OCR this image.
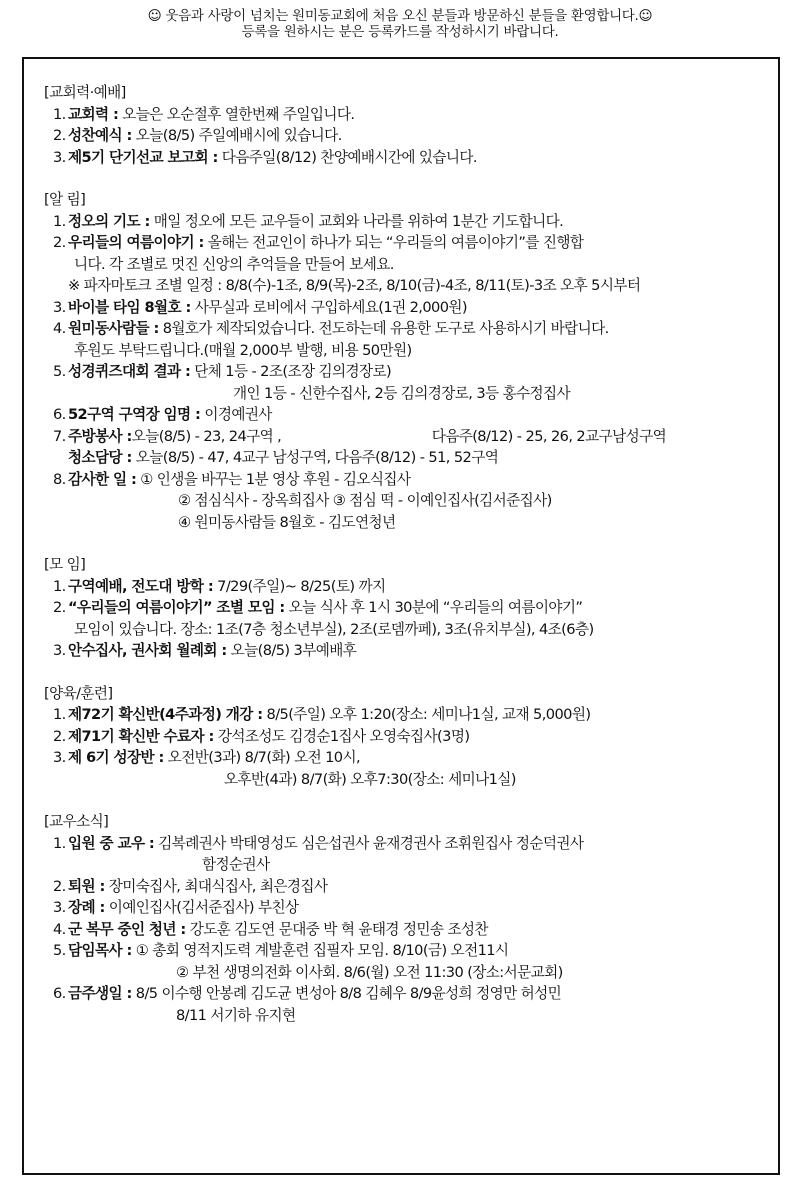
☺ 웃음과 사랑이 넘치는 원미동교회에 처음 오신 분들과 방문하신 분들을 환영합니다.☺
등록을 원하시는 분은 등록카드를 작성하시기 바랍니다.
[교회력·예배]
1. 교회력 : 오늘은 오순절후 열한번째 주일입니다.
2. 성찬예식 : 오늘(8/5) 주일예배시에 있습니다.
3. 제5기 단기선교 보고회 : 다음주일(8/12) 찬양예배시간에 있습니다.
[알 림]
1. 정오의 기도 : 매일 정오에 모든 교우들이 교회와 나라를 위하여 1분간 기도합니다.
2. 우리들의 여름이야기 : 올해는 전교인이 하나가 되는 “우리들의 여름이야기”를 진행합
니다. 각 조별로 멋진 신앙의 추억들을 만들어 보세요.
※ 파자마토크 조별 일정 : 8/8(수)-1조, 8/9(목)-2조, 8/10(금)-4조, 8/11(토)-3조 오후 5시부터
3. 바이블 타임 8월호 : 사무실과 로비에서 구입하세요(1권 2,000원)
4. 원미동사람들 : 8월호가 제작되었습니다. 전도하는데 유용한 도구로 사용하시기 바랍니다.
후원도 부탁드립니다.(매월 2,000부 발행, 비용 50만원)
5. 성경퀴즈대회 결과 : 단체 1등 - 2조(조장 김의경장로)
개인 1등 - 신한수집사, 2등 김의경장로, 3등 홍수정집사
6. 52구역 구역장 임명 : 이경예권사
7. 주방봉사 :오늘(8/5) - 23, 24구역 ,	다음주(8/12) - 25, 26, 2교구남성구역
청소담당 : 오늘(8/5) - 47, 4교구 남성구역, 다음주(8/12) - 51, 52구역
8. 감사한 일 : ① 인생을 바꾸는 1분 영상 후원 - 김오식집사
② 점심식사 - 장옥희집사 ③ 점심 떡 - 이예인집사(김서준집사)
④ 원미동사람들 8월호 - 김도연청년
[모 임]
1. 구역예배, 전도대 방학 : 7/29(주일)~ 8/25(토) 까지
2. “우리들의 여름이야기” 조별 모임 : 오늘 식사 후 1시 30분에 “우리들의 여름이야기”
모임이 있습니다. 장소: 1조(7층 청소년부실), 2조(로뎀까페), 3조(유치부실), 4조(6층)
3. 안수집사, 권사회 월례회 : 오늘(8/5) 3부예배후
[양육/훈련]
1. 제72기 확신반(4주과정) 개강 : 8/5(주일) 오후 1:20(장소: 세미나1실, 교재 5,000원)
2. 제71기 확신반 수료자 : 강석조성도 김경순1집사 오영숙집사(3명)
3. 제 6기 성장반 : 오전반(3과) 8/7(화) 오전 10시,
오후반(4과) 8/7(화) 오후7:30(장소: 세미나1실)
[교우소식]
1. 입원 중 교우 : 김복례권사 박태영성도 심은섭권사 윤재경권사 조휘원집사 정순덕권사
함정순권사
2. 퇴원 : 장미숙집사, 최대식집사, 최은경집사
3. 장례 : 이예인집사(김서준집사) 부친상
4. 군 복무 중인 청년 : 강도훈 김도연 문대중 박 혁 윤태경 정민송 조성찬
5. 담임목사 : ① 총회 영적지도력 계발훈련 집필자 모임. 8/10(금) 오전11시
② 부천 생명의전화 이사회. 8/6(월) 오전 11:30 (장소:서문교회)
6. 금주생일 : 8/5 이수행 안봉례 김도균 변성아 8/8 김혜우 8/9윤성희 정영만 허성민
8/11 서기하 유지현
